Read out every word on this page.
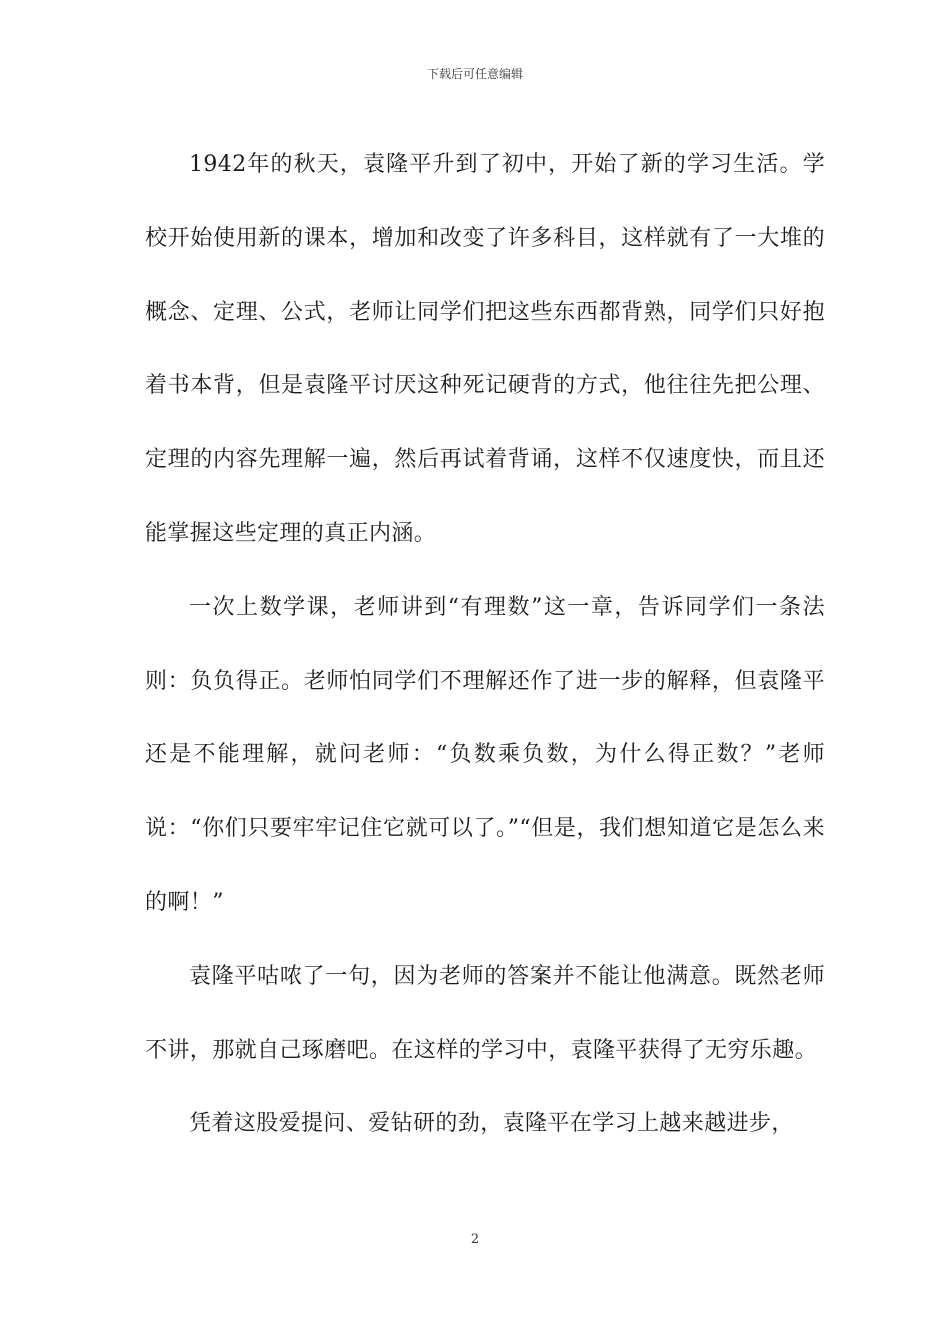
下载后可任意编辑

1942年的秋天，袁隆平升到了初中，开始了新的学习生活。学校开始使用新的课本，增加和改变了许多科目，这样就有了一大堆的概念、定理、公式，老师让同学们把这些东西都背熟，同学们只好抱着书本背，但是袁隆平讨厌这种死记硬背的方式，他往往先把公理、定理的内容先理解一遍，然后再试着背诵，这样不仅速度快，而且还能掌握这些定理的真正内涵。

一次上数学课，老师讲到“有理数”这一章，告诉同学们一条法则：负负得正。老师怕同学们不理解还作了进一步的解释，但袁隆平还是不能理解，就问老师：“负数乘负数，为什么得正数？”老师说：“你们只要牢牢记住它就可以了。”“但是，我们想知道它是怎么来的啊！”

袁隆平咕哝了一句，因为老师的答案并不能让他满意。既然老师不讲，那就自己琢磨吧。在这样的学习中，袁隆平获得了无穷乐趣。

凭着这股爱提问、爱钻研的劲，袁隆平在学习上越来越进步，

2
